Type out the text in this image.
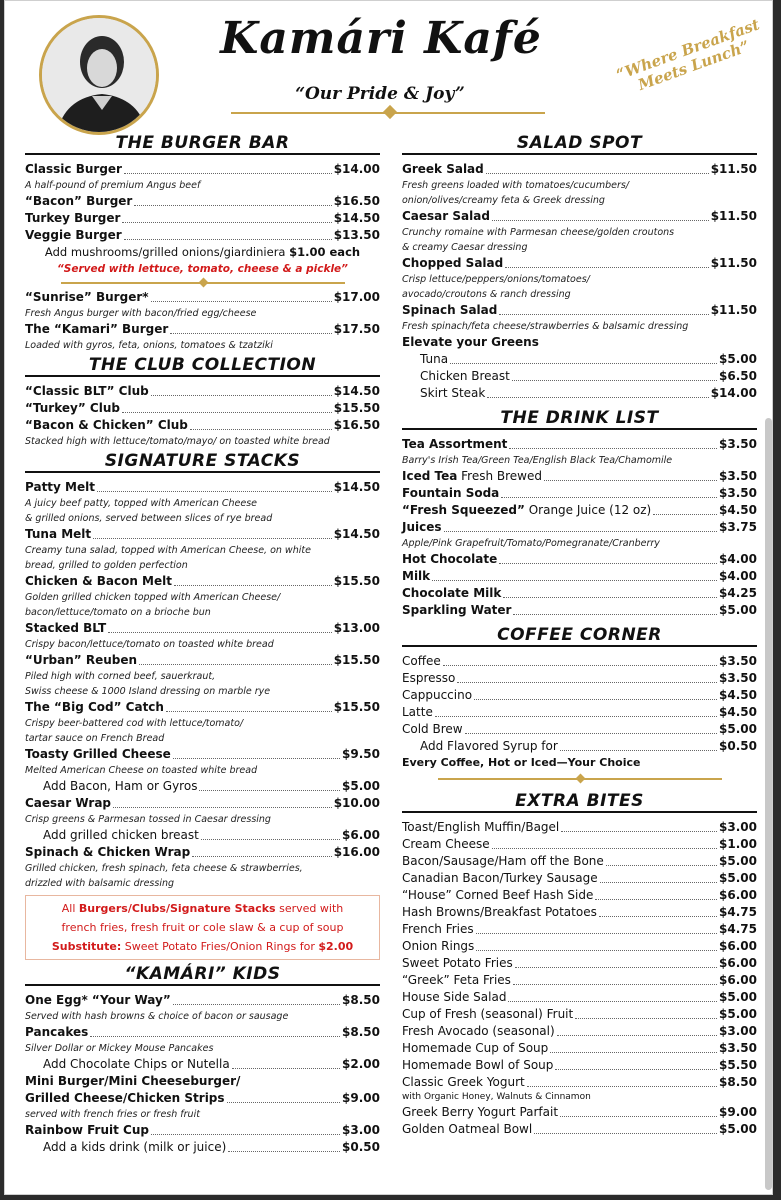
Kamári Kafé
“Our Pride & Joy”
“Where Breakfast Meets Lunch”
THE BURGER BAR
Classic Burger	$14.00
A half-pound of premium Angus beef
“Bacon” Burger	$16.50
Turkey Burger	$14.50
Veggie Burger	$13.50
Add mushrooms/grilled onions/giardiniera $1.00 each
“Served with lettuce, tomato, cheese & a pickle”
“Sunrise” Burger*	$17.00
Fresh Angus burger with bacon/fried egg/cheese
The “Kamari” Burger	$17.50
Loaded with gyros, feta, onions, tomatoes & tzatziki
THE CLUB COLLECTION
“Classic BLT” Club	$14.50
“Turkey” Club	$15.50
“Bacon & Chicken” Club	$16.50
Stacked high with lettuce/tomato/mayo/ on toasted white bread
SIGNATURE STACKS
Patty Melt	$14.50
A juicy beef patty, topped with American Cheese
& grilled onions, served between slices of rye bread
Tuna Melt	$14.50
Creamy tuna salad, topped with American Cheese, on white
bread, grilled to golden perfection
Chicken & Bacon Melt	$15.50
Golden grilled chicken topped with American Cheese/
bacon/lettuce/tomato on a brioche bun
Stacked BLT	$13.00
Crispy bacon/lettuce/tomato on toasted white bread
“Urban” Reuben	$15.50
Piled high with corned beef, sauerkraut,
Swiss cheese & 1000 Island dressing on marble rye
The “Big Cod” Catch	$15.50
Crispy beer-battered cod with lettuce/tomato/
tartar sauce on French Bread
Toasty Grilled Cheese	$9.50
Melted American Cheese on toasted white bread
Add Bacon, Ham or Gyros	$5.00
Caesar Wrap	$10.00
Crisp greens & Parmesan tossed in Caesar dressing
Add grilled chicken breast	$6.00
Spinach & Chicken Wrap	$16.00
Grilled chicken, fresh spinach, feta cheese & strawberries,
drizzled with balsamic dressing
All Burgers/Clubs/Signature Stacks served with
french fries, fresh fruit or cole slaw & a cup of soup
Substitute: Sweet Potato Fries/Onion Rings for $2.00
“KAMÁRI” KIDS
One Egg* “Your Way”	$8.50
Served with hash browns & choice of bacon or sausage
Pancakes	$8.50
Silver Dollar or Mickey Mouse Pancakes
Add Chocolate Chips or Nutella	$2.00
Mini Burger/Mini Cheeseburger/
Grilled Cheese/Chicken Strips	$9.00
served with french fries or fresh fruit
Rainbow Fruit Cup	$3.00
Add a kids drink (milk or juice)	$0.50
SALAD SPOT
Greek Salad	$11.50
Fresh greens loaded with tomatoes/cucumbers/
onion/olives/creamy feta & Greek dressing
Caesar Salad	$11.50
Crunchy romaine with Parmesan cheese/golden croutons
& creamy Caesar dressing
Chopped Salad	$11.50
Crisp lettuce/peppers/onions/tomatoes/
avocado/croutons & ranch dressing
Spinach Salad	$11.50
Fresh spinach/feta cheese/strawberries & balsamic dressing
Elevate your Greens
Tuna	$5.00
Chicken Breast	$6.50
Skirt Steak	$14.00
THE DRINK LIST
Tea Assortment	$3.50
Barry's Irish Tea/Green Tea/English Black Tea/Chamomile
Iced Tea
Fresh Brewed	$3.50
Fountain Soda	$3.50
“Fresh Squeezed”
Orange Juice (12 oz)	$4.50
Juices	$3.75
Apple/Pink Grapefruit/Tomato/Pomegranate/Cranberry
Hot Chocolate	$4.00
Milk	$4.00
Chocolate Milk	$4.25
Sparkling Water	$5.00
COFFEE CORNER
Coffee	$3.50
Espresso	$3.50
Cappuccino	$4.50
Latte	$4.50
Cold Brew	$5.00
Add Flavored Syrup for	$0.50
Every Coffee, Hot or Iced—Your Choice
EXTRA BITES
Toast/English Muffin/Bagel	$3.00
Cream Cheese	$1.00
Bacon/Sausage/Ham off the Bone	$5.00
Canadian Bacon/Turkey Sausage	$5.00
“House” Corned Beef Hash Side	$6.00
Hash Browns/Breakfast Potatoes	$4.75
French Fries	$4.75
Onion Rings	$6.00
Sweet Potato Fries	$6.00
“Greek” Feta Fries	$6.00
House Side Salad	$5.00
Cup of Fresh (seasonal) Fruit	$5.00
Fresh Avocado (seasonal)	$3.00
Homemade Cup of Soup	$3.50
Homemade Bowl of Soup	$5.50
Classic Greek Yogurt	$8.50
with Organic Honey, Walnuts & Cinnamon
Greek Berry Yogurt Parfait	$9.00
Golden Oatmeal Bowl	$5.00
